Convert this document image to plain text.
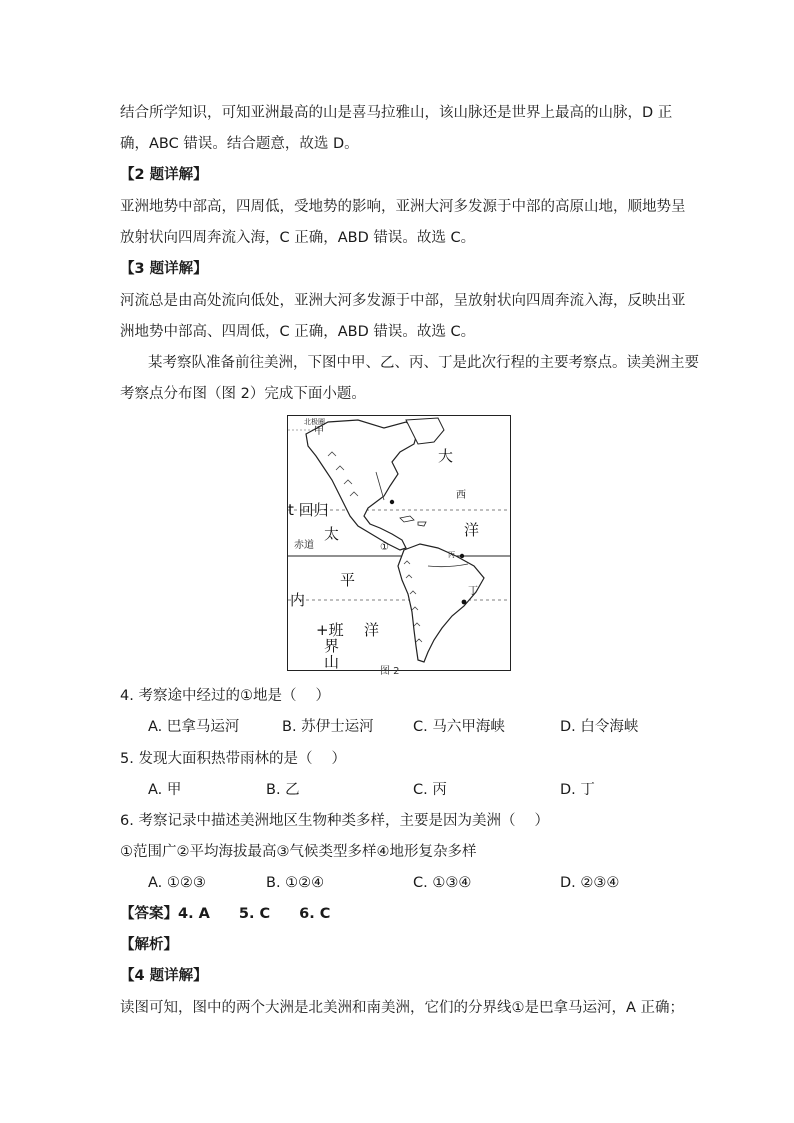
结合所学知识，可知亚洲最高的山是喜马拉雅山，该山脉还是世界上最高的山脉，D 正
确，ABC 错误。结合题意，故选 D。
【2 题详解】
亚洲地势中部高，四周低，受地势的影响，亚洲大河多发源于中部的高原山地，顺地势呈
放射状向四周奔流入海，C 正确，ABD 错误。故选 C。
【3 题详解】
河流总是由高处流向低处，亚洲大河多发源于中部，呈放射状向四周奔流入海，反映出亚
洲地势中部高、四周低，C 正确，ABD 错误。故选 C。
某考察队准备前往美洲，下图中甲、乙、丙、丁是此次行程的主要考察点。读美洲主要
考察点分布图（图 2）完成下面小题。
北极圈
甲
大
西
t 回归
太	洋
赤道
丙
①
平
内	丁
+班 洋
界
山
图 2
4. 考察途中经过的①地是（　 ）
A. 巴拿马运河	B. 苏伊士运河	C. 马六甲海峡	D. 白令海峡
5. 发现大面积热带雨林的是（　 ）
A. 甲	B. 乙	C. 丙	D. 丁
6. 考察记录中描述美洲地区生物种类多样，主要是因为美洲（　 ）
①范围广②平均海拔最高③气候类型多样④地形复杂多样
A. ①②③	B. ①②④	C. ①③④	D. ②③④
【答案】4. A　　5. C　　6. C
【解析】
【4 题详解】
读图可知，图中的两个大洲是北美洲和南美洲，它们的分界线①是巴拿马运河，A 正确；
